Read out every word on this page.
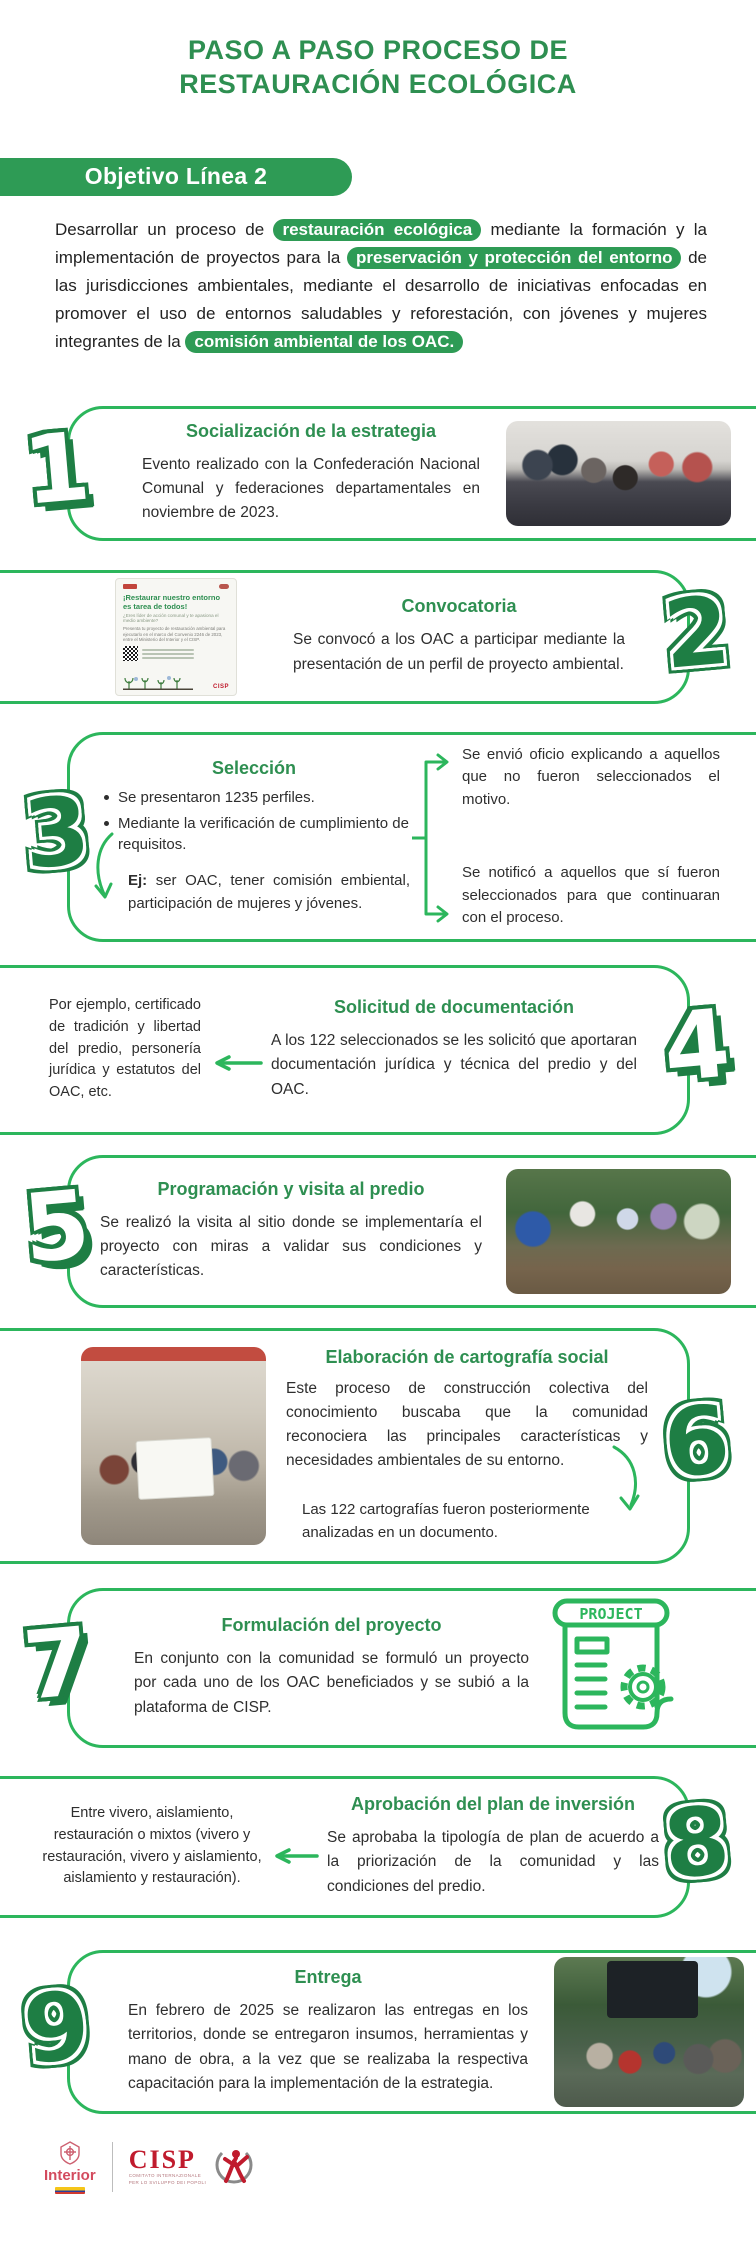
PASO A PASO PROCESO DE
RESTAURACIÓN ECOLÓGICA
Objetivo Línea 2

Desarrollar un proceso de restauración ecológica mediante la formación y la implementación de proyectos para la preservación y protección del entorno de las jurisdicciones ambientales, mediante el desarrollo de iniciativas enfocadas en promover el uso de entornos saludables y reforestación, con jóvenes y mujeres integrantes de la comisión ambiental de los OAC.

1	Socialización de la estrategia

Evento realizado con la Confederación Nacional Comunal y federaciones departamentales en noviembre de 2023.

2

¡Restaurar nuestro entorno es tarea de todos!

¿Eres líder de acción comunal y te apasiona el medio ambiente?

Presenta tu proyecto de restauración ambiental para ejecutarlo en el marco del Convenio 2246 de 2023, entre el Ministerio del Interior y el CISP.

CISP
Convocatoria

Se convocó a los OAC a participar mediante la presentación de un perfil de proyecto ambiental.

3
Selección
Se presentaron 1235 perfiles.
Mediante la verificación de cumplimiento de requisitos.

Ej: ser OAC, tener comisión embiental, participación de mujeres y jóvenes.

Se envió oficio explicando a aquellos que no fueron seleccionados el motivo.

Se notificó a aquellos que sí fueron seleccionados para que continuaran con el proceso.

4

Por ejemplo, certificado de tradición y libertad del predio, personería jurídica y estatutos del OAC, etc.

Solicitud de documentación

A los 122 seleccionados se les solicitó que aportaran documentación jurídica y técnica del predio y del OAC.

5	Programación y visita al predio

Se realizó la visita al sitio donde se implementaría el proyecto con miras a validar sus condiciones y características.

6
Elaboración de cartografía social

Este proceso de construcción colectiva del conocimiento buscaba que la comunidad reconociera las principales características y necesidades ambientales de su entorno.

Las 122 cartografías fueron posteriormente analizadas en un documento.

7	Formulación del proyecto

En conjunto con la comunidad se formuló un proyecto por cada uno de los OAC beneficiados y se subió a la plataforma de CISP.

PROJECT
8

Entre vivero, aislamiento, restauración o mixtos (vivero y restauración, vivero y aislamiento, aislamiento y restauración).

Aprobación del plan de inversión

Se aprobaba la tipología de plan de acuerdo a la priorización de la comunidad y las condiciones del predio.

9	Entrega

En febrero de 2025 se realizaron las entregas en los territorios, donde se entregaron insumos, herramientas y mano de obra, a la vez que se realizaba la respectiva capacitación para la implementación de la estrategia.

Interior
CISP
COMITATO INTERNAZIONALE
PER LO SVILUPPO DEI POPOLI
